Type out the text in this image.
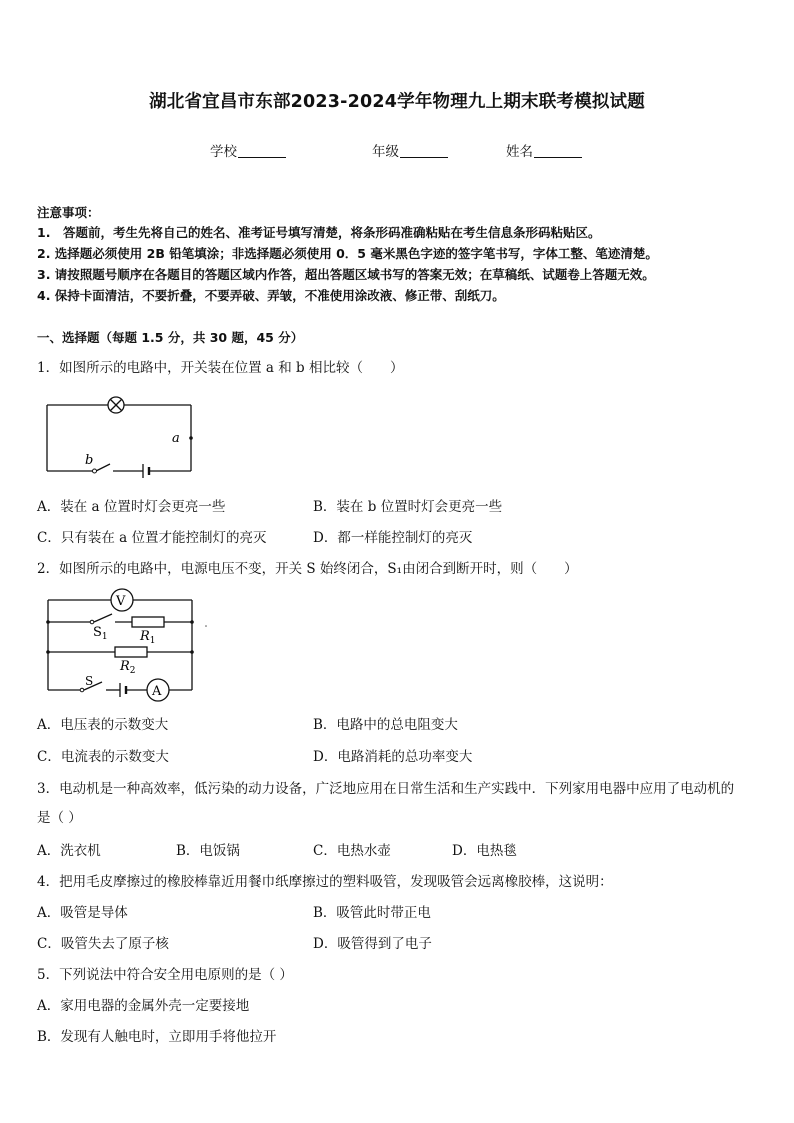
湖北省宜昌市东部2023-2024学年物理九上期末联考模拟试题
学校	年级	姓名
注意事项：
1.　答题前，考生先将自己的姓名、准考证号填写清楚，将条形码准确粘贴在考生信息条形码粘贴区。
2. 选择题必须使用 2B 铅笔填涂；非选择题必须使用 0．5 毫米黑色字迹的签字笔书写，字体工整、笔迹清楚。
3. 请按照题号顺序在各题目的答题区域内作答，超出答题区域书写的答案无效；在草稿纸、试题卷上答题无效。
4. 保持卡面清洁，不要折叠，不要弄破、弄皱，不准使用涂改液、修正带、刮纸刀。
一、选择题（每题 1.5 分，共 30 题，45 分）
1．如图所示的电路中，开关装在位置 a 和 b 相比较（　　）
a
b
A．装在 a 位置时灯会更亮一些	B．装在 b 位置时灯会更亮一些
C．只有装在 a 位置才能控制灯的亮灭	D．都一样能控制灯的亮灭
2．如图所示的电路中，电源电压不变，开关 S 始终闭合，S₁由闭合到断开时，则（　　）
V
A
$S_1$ $R_1$
$R_2$
S
A．电压表的示数变大	B．电路中的总电阻变大
C．电流表的示数变大	D．电路消耗的总功率变大
3．电动机是一种高效率，低污染的动力设备，广泛地应用在日常生活和生产实践中．下列家用电器中应用了电动机的
是（ ）
A．洗衣机	B．电饭锅	C．电热水壶	D．电热毯
4．把用毛皮摩擦过的橡胶棒靠近用餐巾纸摩擦过的塑料吸管，发现吸管会远离橡胶棒，这说明：
A．吸管是导体	B．吸管此时带正电
C．吸管失去了原子核	D．吸管得到了电子
5．下列说法中符合安全用电原则的是（ ）
A．家用电器的金属外壳一定要接地
B．发现有人触电时，立即用手将他拉开
